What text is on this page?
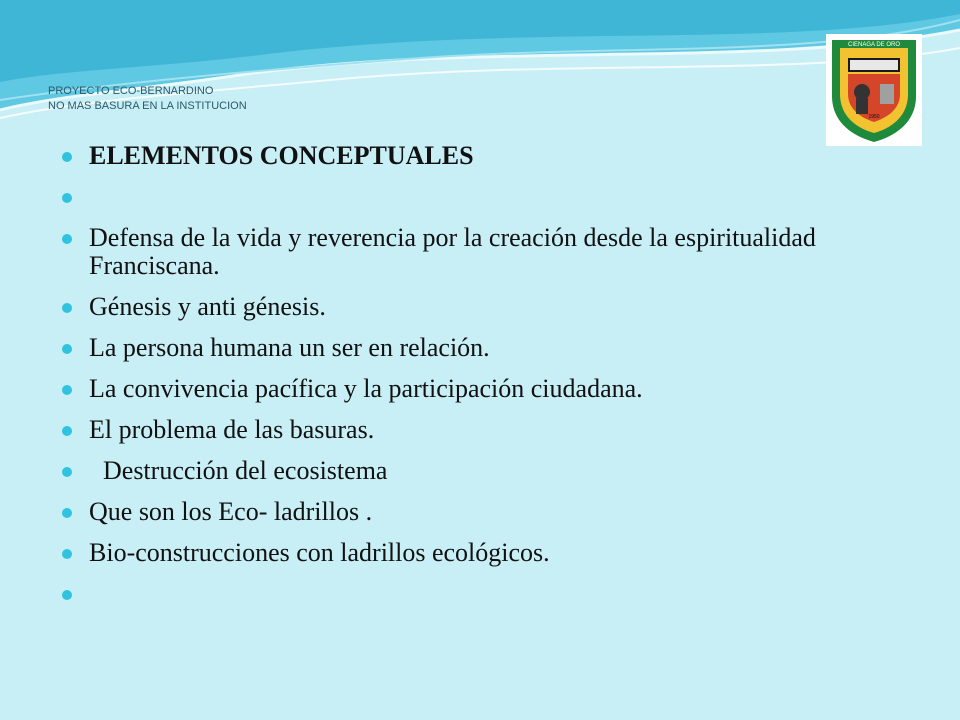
PROYECTO ECO-BERNARDINO
NO MAS BASURA EN LA INSTITUCION
CIENAGA DE ORO
1950
ELEMENTOS CONCEPTUALES
Defensa de la vida y reverencia por la creación desde la espiritualidad Franciscana.
Génesis y anti génesis.
La persona humana un ser en relación.
La convivencia pacífica y la participación ciudadana.
El problema de las basuras.
Destrucción del ecosistema
Que son los Eco- ladrillos .
Bio-construcciones con ladrillos ecológicos.
